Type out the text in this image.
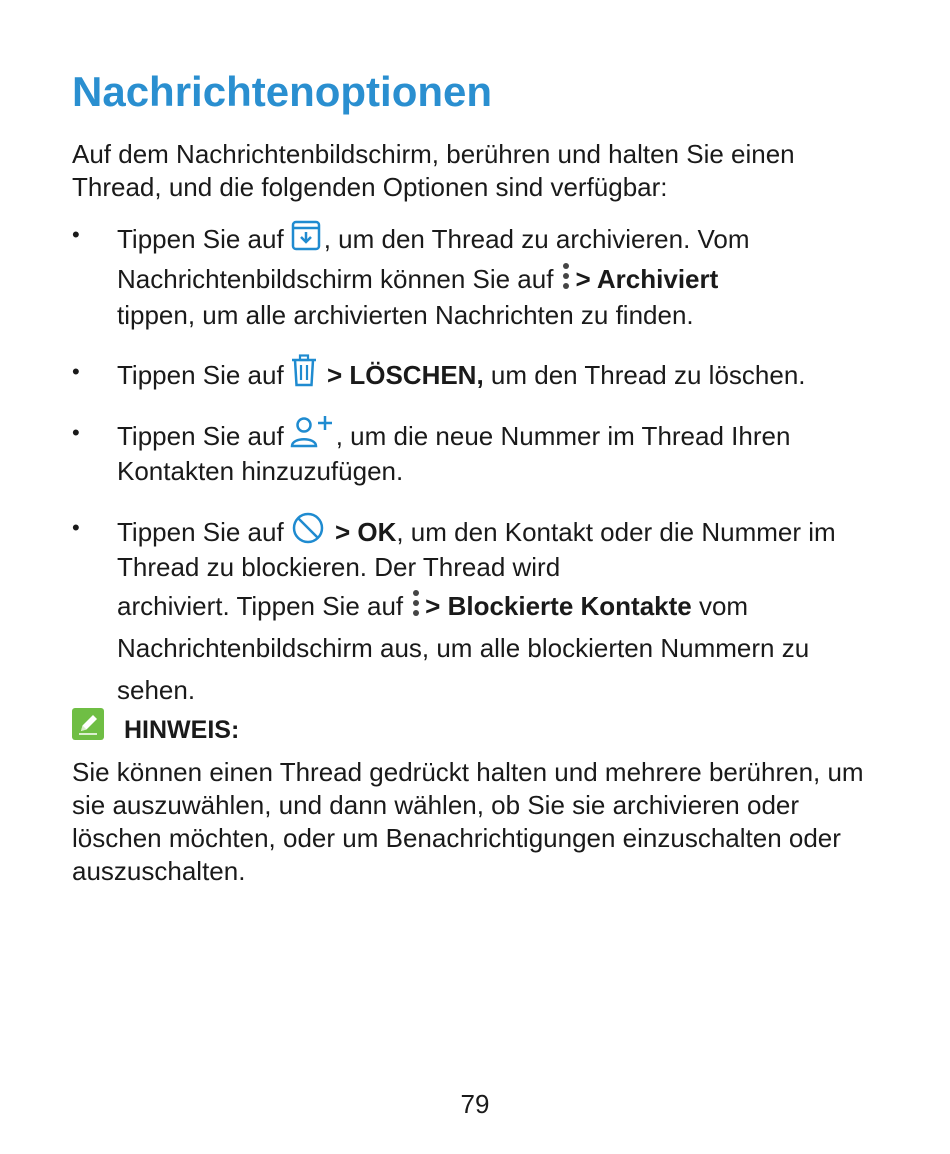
Nachrichtenoptionen
Auf dem Nachrichtenbildschirm, berühren und halten Sie einen Thread, und die folgenden Optionen sind verfügbar:
•	Tippen Sie auf , um den Thread zu archivieren. Vom
Nachrichtenbildschirm können Sie auf > Archiviert
tippen, um alle archivierten Nachrichten zu finden.
•	Tippen Sie auf > LÖSCHEN, um den Thread zu löschen.
•	Tippen Sie auf , um die neue Nummer im Thread Ihren Kontakten hinzuzufügen.
•	Tippen Sie auf > OK, um den Kontakt oder die Nummer im Thread zu blockieren. Der Thread wird
archiviert. Tippen Sie auf > Blockierte Kontakte vom Nachrichtenbildschirm aus, um alle blockierten Nummern zu sehen.
HINWEIS:
Sie können einen Thread gedrückt halten und mehrere berühren, um sie auszuwählen, und dann wählen, ob Sie sie archivieren oder löschen möchten, oder um Benachrichtigungen einzuschalten oder auszuschalten.
79
